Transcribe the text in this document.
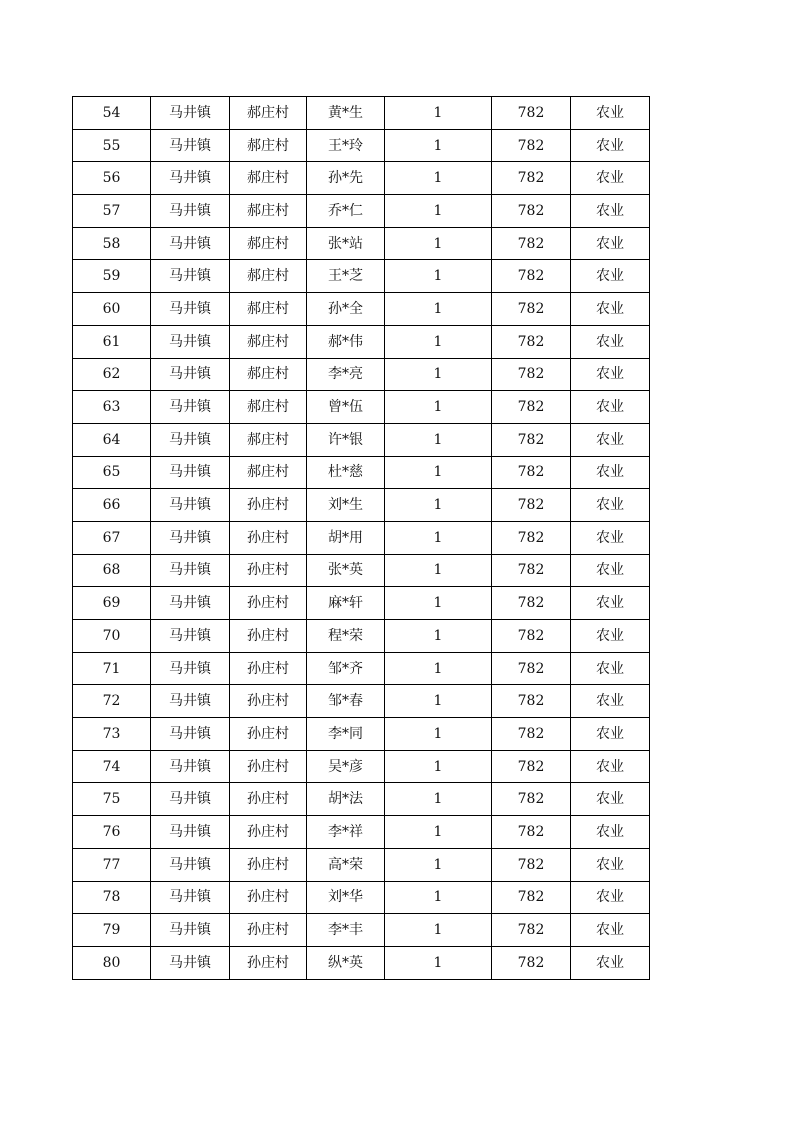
54	马井镇	郝庄村	黄*生	1	782	农业
55	马井镇	郝庄村	王*玲	1	782	农业
56	马井镇	郝庄村	孙*先	1	782	农业
57	马井镇	郝庄村	乔*仁	1	782	农业
58	马井镇	郝庄村	张*站	1	782	农业
59	马井镇	郝庄村	王*芝	1	782	农业
60	马井镇	郝庄村	孙*全	1	782	农业
61	马井镇	郝庄村	郝*伟	1	782	农业
62	马井镇	郝庄村	李*亮	1	782	农业
63	马井镇	郝庄村	曾*伍	1	782	农业
64	马井镇	郝庄村	许*银	1	782	农业
65	马井镇	郝庄村	杜*慈	1	782	农业
66	马井镇	孙庄村	刘*生	1	782	农业
67	马井镇	孙庄村	胡*用	1	782	农业
68	马井镇	孙庄村	张*英	1	782	农业
69	马井镇	孙庄村	麻*轩	1	782	农业
70	马井镇	孙庄村	程*荣	1	782	农业
71	马井镇	孙庄村	邹*齐	1	782	农业
72	马井镇	孙庄村	邹*春	1	782	农业
73	马井镇	孙庄村	李*同	1	782	农业
74	马井镇	孙庄村	吴*彦	1	782	农业
75	马井镇	孙庄村	胡*法	1	782	农业
76	马井镇	孙庄村	李*祥	1	782	农业
77	马井镇	孙庄村	高*荣	1	782	农业
78	马井镇	孙庄村	刘*华	1	782	农业
79	马井镇	孙庄村	李*丰	1	782	农业
80	马井镇	孙庄村	纵*英	1	782	农业
